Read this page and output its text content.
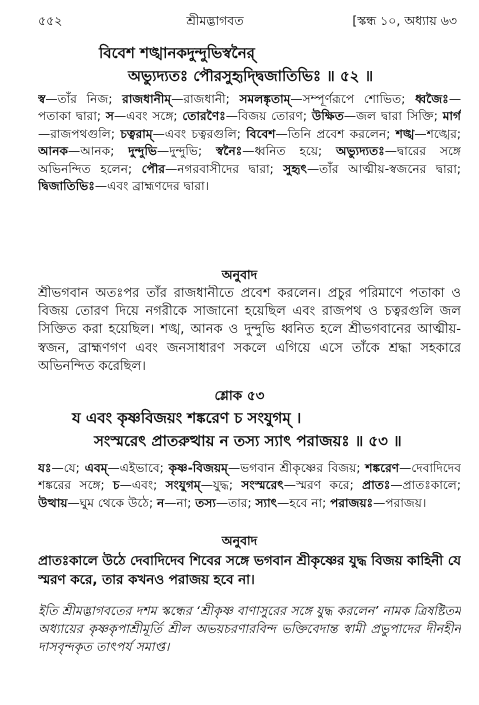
৫৫২	শ্রীমদ্ভাগবত	[স্কন্ধ ১০, অধ্যায় ৬৩
বিবেশ শঙ্খানকদুন্দুভিস্বনৈর্
অভ্যুদ্যতঃ পৌরসুহৃদ্দ্বিজাতিভিঃ ॥ ৫২ ॥
স্ব—তাঁর নিজ; রাজধানীম্—রাজধানী; সমলঙ্কৃতাম্—সম্পূর্ণরূপে শোভিত; ধ্বজৈঃ—পতাকা দ্বারা; স—এবং সঙ্গে; তোরণৈঃ—বিজয় তোরণ; উক্ষিত—জল দ্বারা সিক্তি; মার্গ—রাজপথগুলি; চত্বরাম্—এবং চত্বরগুলি; বিবেশ—তিনি প্রবেশ করলেন; শঙ্খ—শঙ্খের; আনক—আনক; দুন্দুভি—দুন্দুভি; স্বনৈঃ—ধ্বনিত হয়ে; অভ্যুদ্যতঃ—দ্বারের সঙ্গে অভিনন্দিত হলেন; পৌর—নগরবাসীদের দ্বারা; সুহৃৎ—তাঁর আত্মীয়-স্বজনের দ্বারা; দ্বিজাতিভিঃ—এবং ব্রাহ্মণদের দ্বারা।
অনুবাদ
শ্রীভগবান অতঃপর তাঁর রাজধানীতে প্রবেশ করলেন। প্রচুর পরিমাণে পতাকা ও বিজয় তোরণ দিয়ে নগরীকে সাজানো হয়েছিল এবং রাজপথ ও চত্বরগুলি জল সিক্তিত করা হয়েছিল। শঙ্খ, আনক ও দুন্দুভি ধ্বনিত হলে শ্রীভগবানের আত্মীয়-স্বজন, ব্রাহ্মণগণ এবং জনসাধারণ সকলে এগিয়ে এসে তাঁকে শ্রদ্ধা সহকারে অভিনন্দিত করেছিল।
শ্লোক ৫৩
য এবং কৃষ্ণবিজয়ং শঙ্করেণ চ সংযুগম্ ।
সংস্মরেৎ প্রাতরুত্থায় ন তস্য স্যাৎ পরাজয়ঃ ॥ ৫৩ ॥
যঃ—যে; এবম্—এইভাবে; কৃষ্ণ-বিজয়ম্—ভগবান শ্রীকৃষ্ণের বিজয়; শঙ্করেণ—দেবাদিদেব শঙ্করের সঙ্গে; চ—এবং; সংযুগম্—যুদ্ধ; সংস্মরেৎ—স্মরণ করে; প্রাতঃ—প্রাতঃকালে; উত্থায়—ঘুম থেকে উঠে; ন—না; তস্য—তার; স্যাৎ—হবে না; পরাজয়ঃ—পরাজয়।
অনুবাদ
প্রাতঃকালে উঠে দেবাদিদেব শিবের সঙ্গে ভগবান শ্রীকৃষ্ণের যুদ্ধ বিজয় কাহিনী যে স্মরণ করে, তার কখনও পরাজয় হবে না।
ইতি শ্রীমদ্ভাগবতের দশম স্কন্ধের ‘শ্রীকৃষ্ণ বাণাসুরের সঙ্গে যুদ্ধ করলেন’ নামক ত্রিষষ্টিতম অধ্যায়ের কৃষ্ণকৃপাশ্রীমূর্তি শ্রীল অভয়চরণারবিন্দ ভক্তিবেদান্ত স্বামী প্রভুপাদের দীনহীন দাসবৃন্দকৃত তাৎপর্য সমাপ্ত।
